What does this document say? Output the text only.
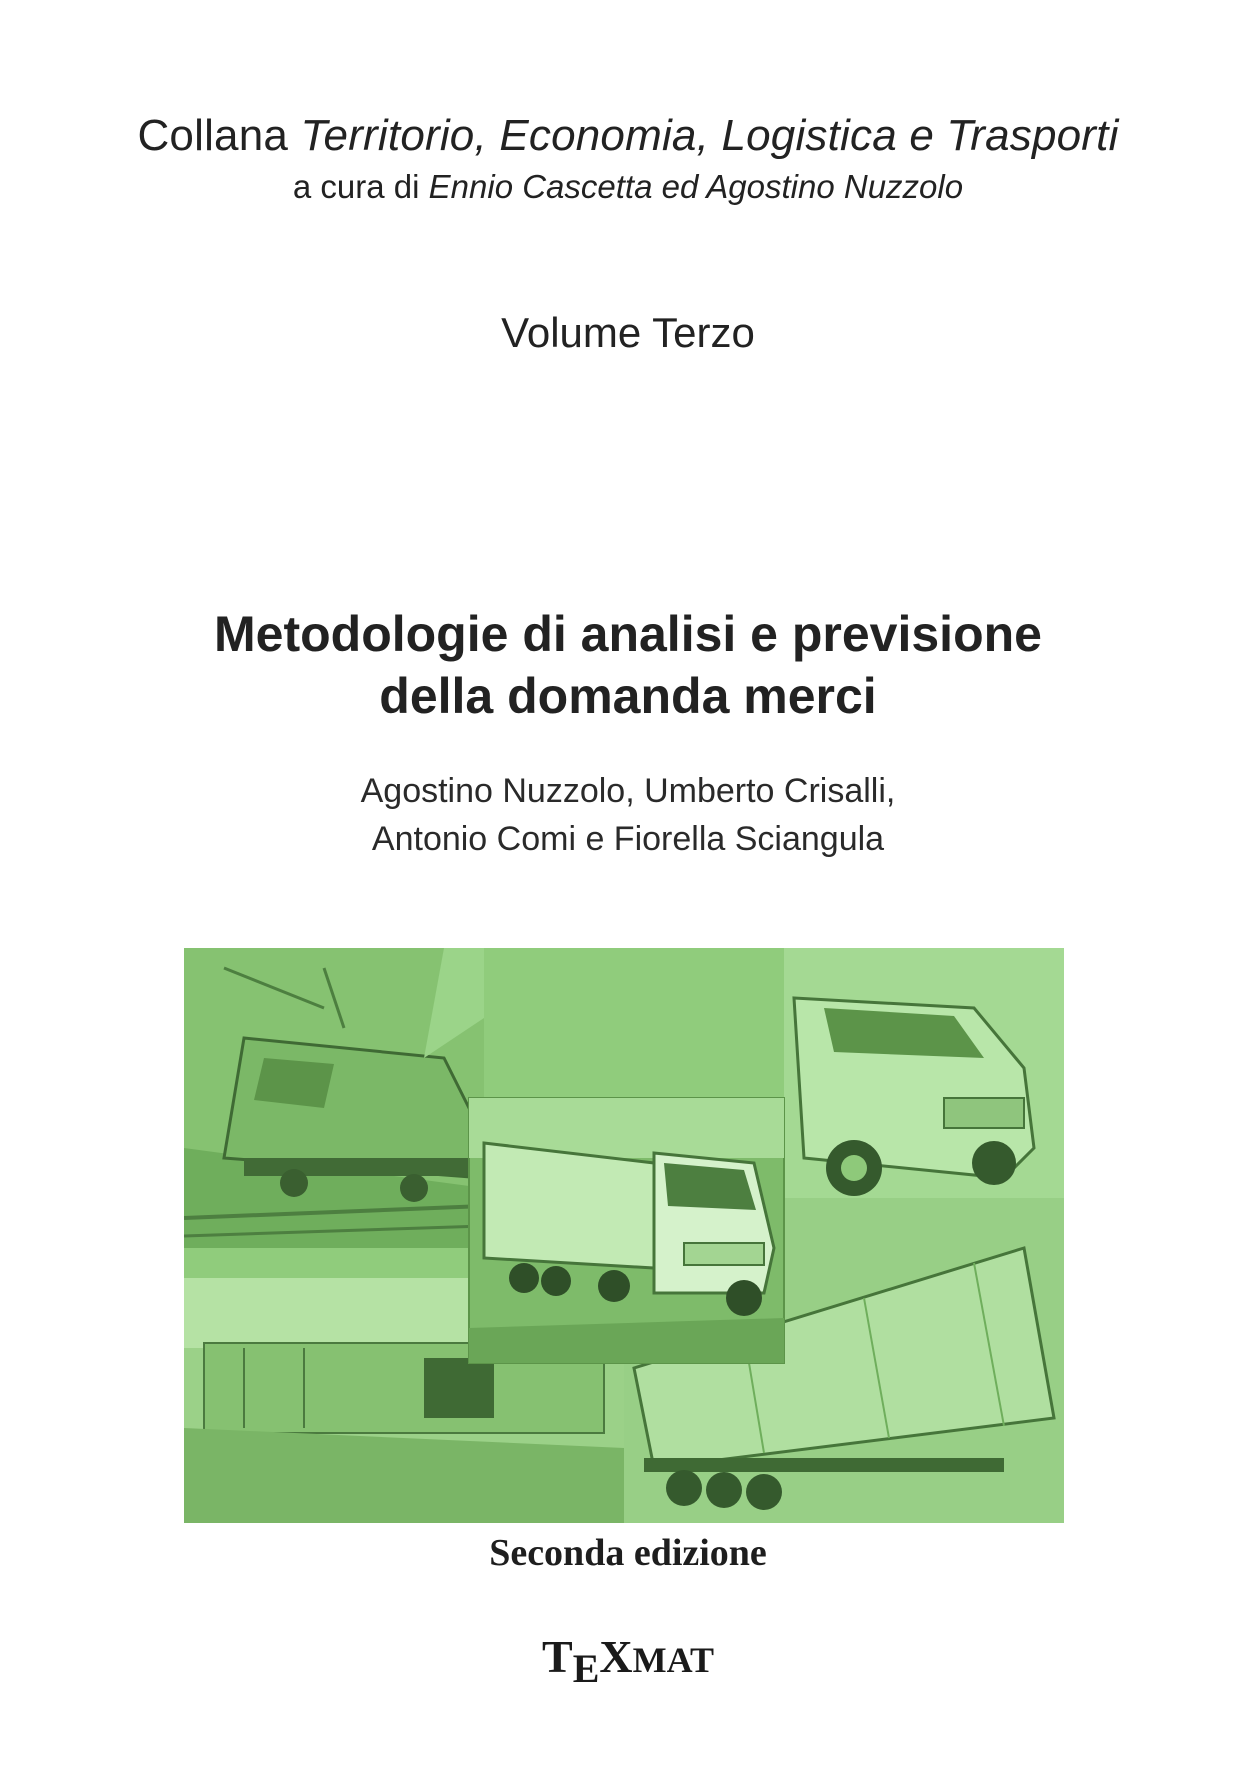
Collana Territorio, Economia, Logistica e Trasporti
a cura di Ennio Cascetta ed Agostino Nuzzolo
Volume Terzo
Metodologie di analisi e previsione
della domanda merci
Agostino Nuzzolo, Umberto Crisalli,
Antonio Comi e Fiorella Sciangula
Seconda edizione
TEXMAT
